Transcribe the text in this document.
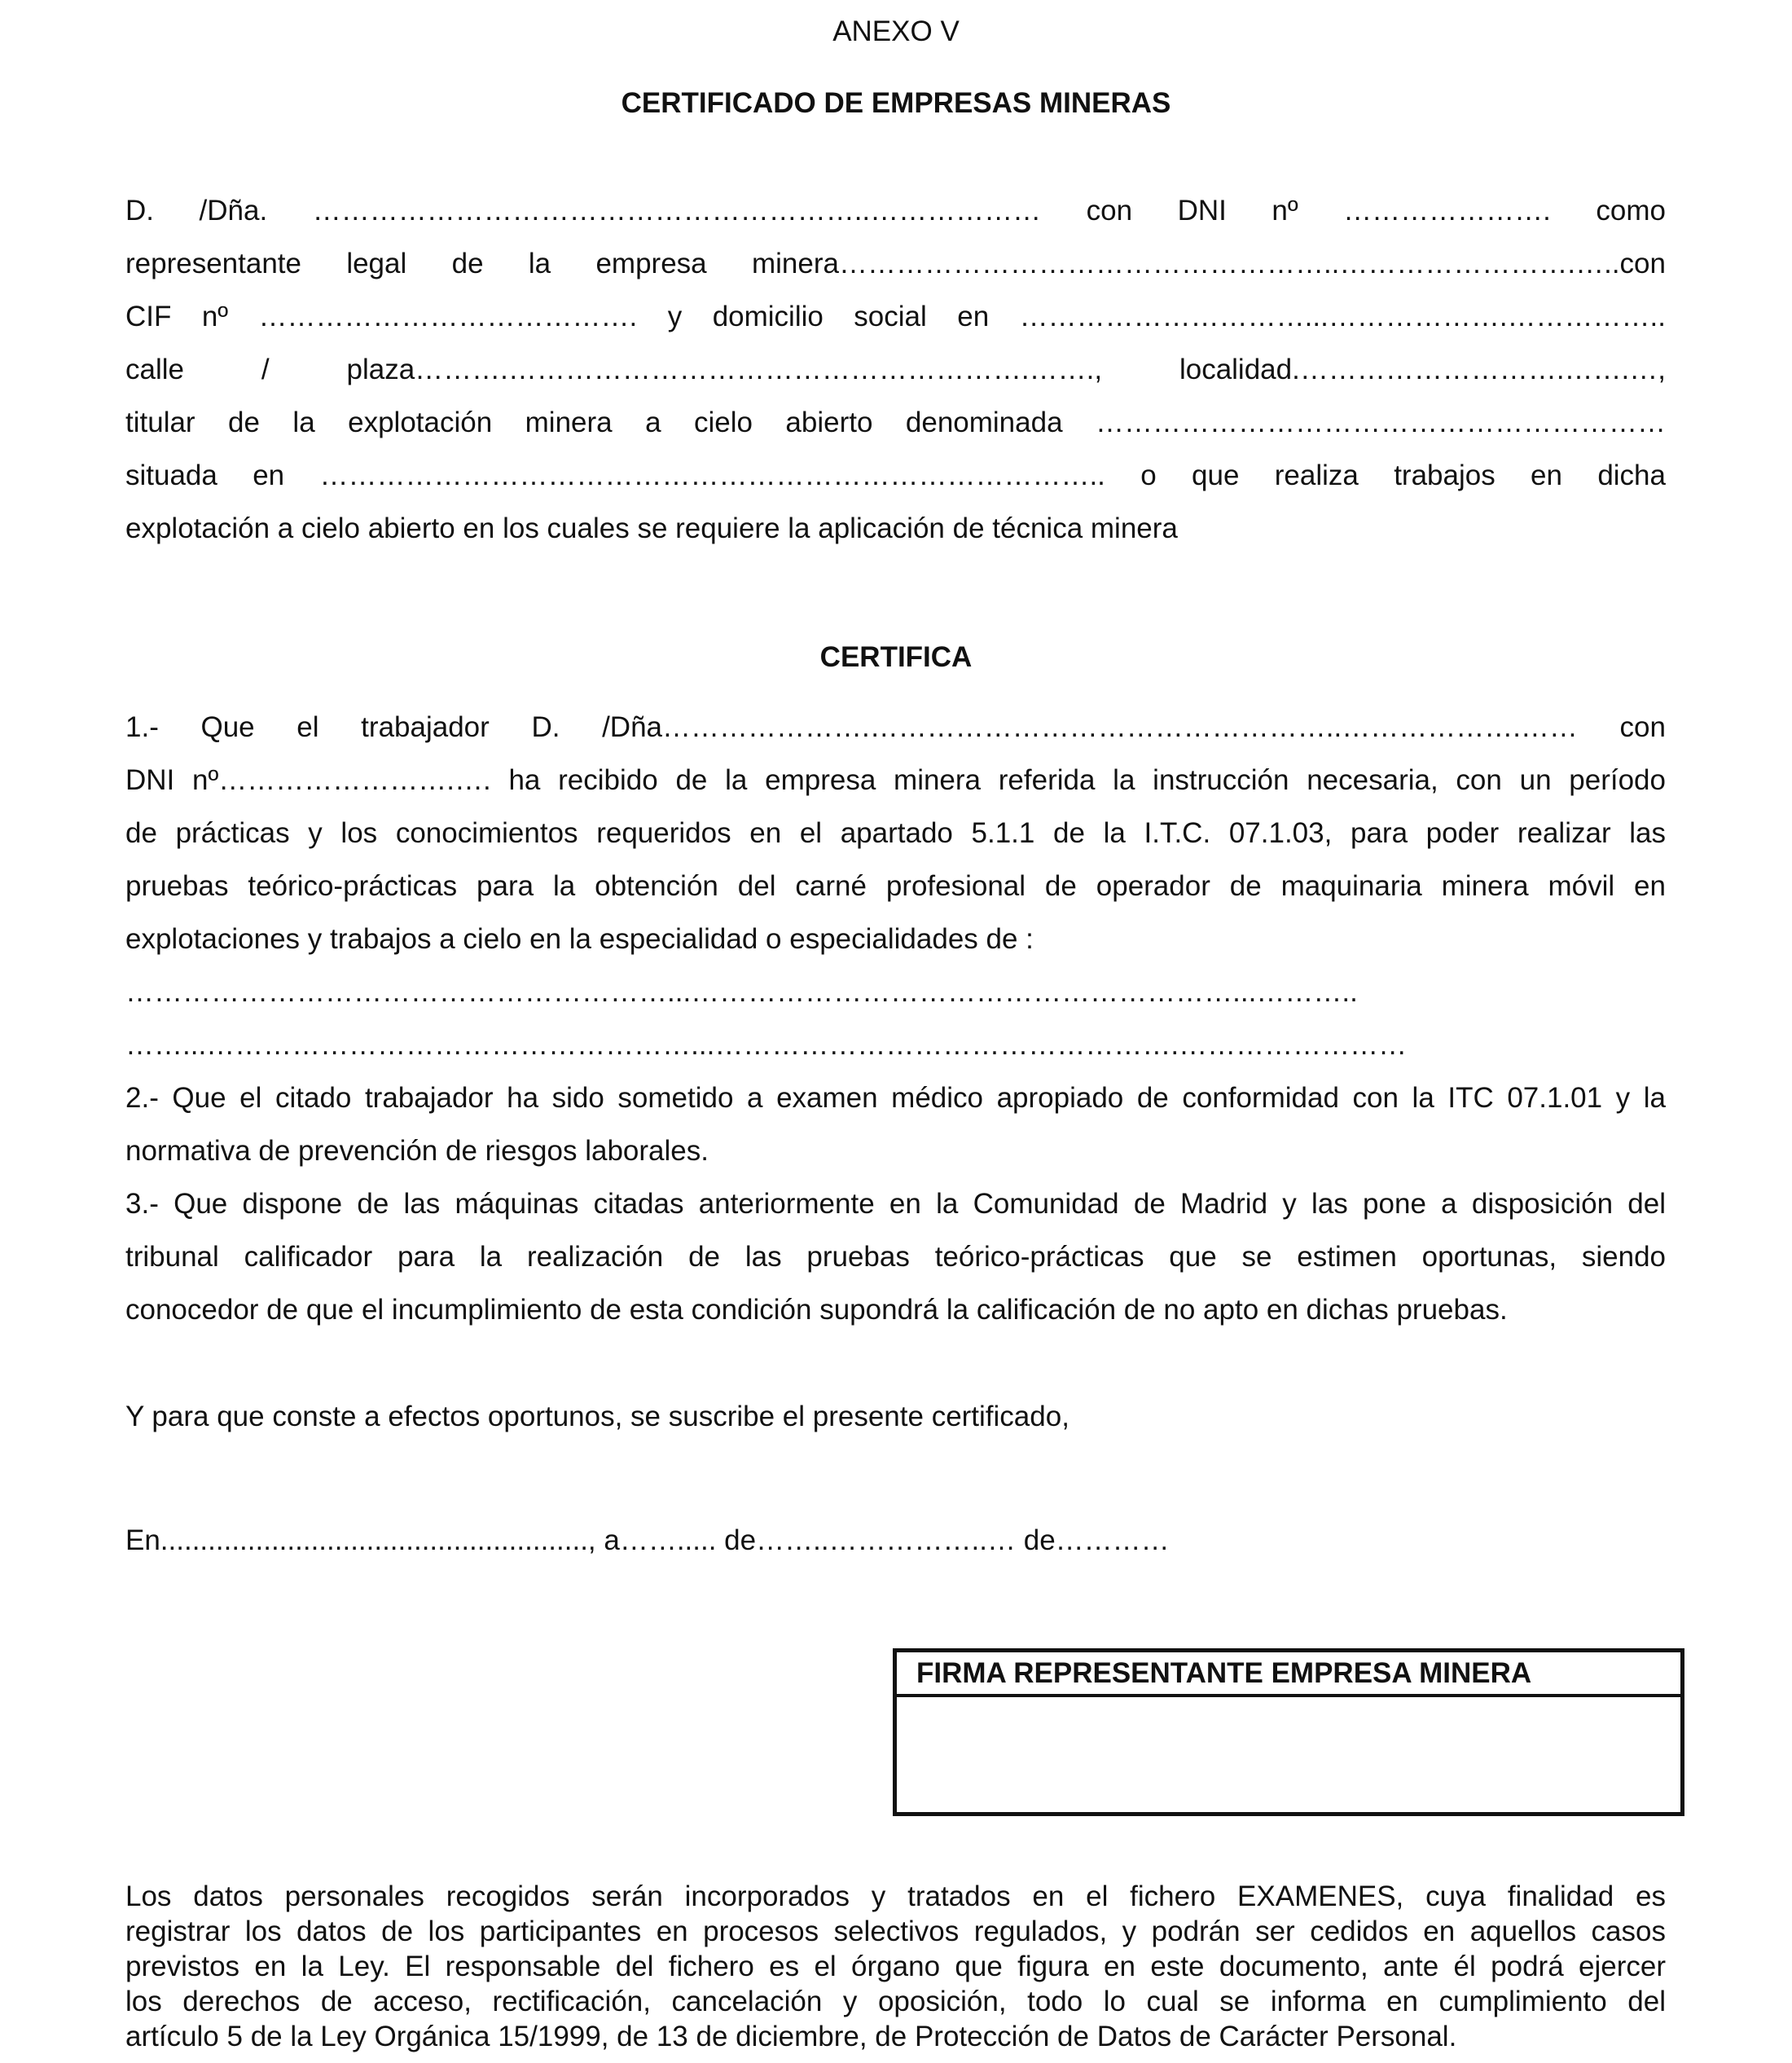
ANEXO V
CERTIFICADO DE EMPRESAS MINERAS

D. /Dña. …………………………………………………..……………… con DNI nº …………………. como

representante legal de la empresa minera……………………………………………..…………………….…..con

CIF nº …………………………………. y domicilio social en …………………………...……………….……………..

calle / plaza……….……………………………………………….……., localidad.……………………….…….…,

titular de la explotación minera a cielo abierto denominada ……………………………………………………

situada en ……………………………………………………………………….. o que realiza trabajos en dicha

explotación a cielo abierto en los cuales se requiere la aplicación de técnica minera

CERTIFICA

1.- Que el trabajador D. /Dña………………….…………………………………………..……………….…… con

DNI nº…………………….…. ha recibido de la empresa minera referida la instrucción necesaria, con un período

de prácticas y los conocimientos requeridos en el apartado 5.1.1 de la I.T.C. 07.1.03, para poder realizar las

pruebas teórico-prácticas para la obtención del carné profesional de operador de maquinaria minera móvil en

explotaciones y trabajos a cielo en la especialidad o especialidades de :

…………………………………………………...…………………………………………………...………..

……...……………………………………………...………………………………………….……………………

2.- Que el citado trabajador ha sido sometido a examen médico apropiado de conformidad con la ITC 07.1.01 y la

normativa de prevención de riesgos laborales.

3.- Que dispone de las máquinas citadas anteriormente en la Comunidad de Madrid y las pone a disposición del

tribunal calificador para la realización de las pruebas teórico-prácticas que se estimen oportunas, siendo

conocedor de que el incumplimiento de esta condición supondrá la calificación de no apto en dichas pruebas.

Y para que conste a efectos oportunos, se suscribe el presente certificado,

En......................................................, a……..... de……..……………..… de…………

FIRMA REPRESENTANTE EMPRESA MINERA
Los datos personales recogidos serán incorporados y tratados en el fichero EXAMENES, cuya finalidad es
registrar los datos de los participantes en procesos selectivos regulados, y podrán ser cedidos en aquellos casos
previstos en la Ley. El responsable del fichero es el órgano que figura en este documento, ante él podrá ejercer
los derechos de acceso, rectificación, cancelación y oposición, todo lo cual se informa en cumplimiento del
artículo 5 de la Ley Orgánica 15/1999, de 13 de diciembre, de Protección de Datos de Carácter Personal.
